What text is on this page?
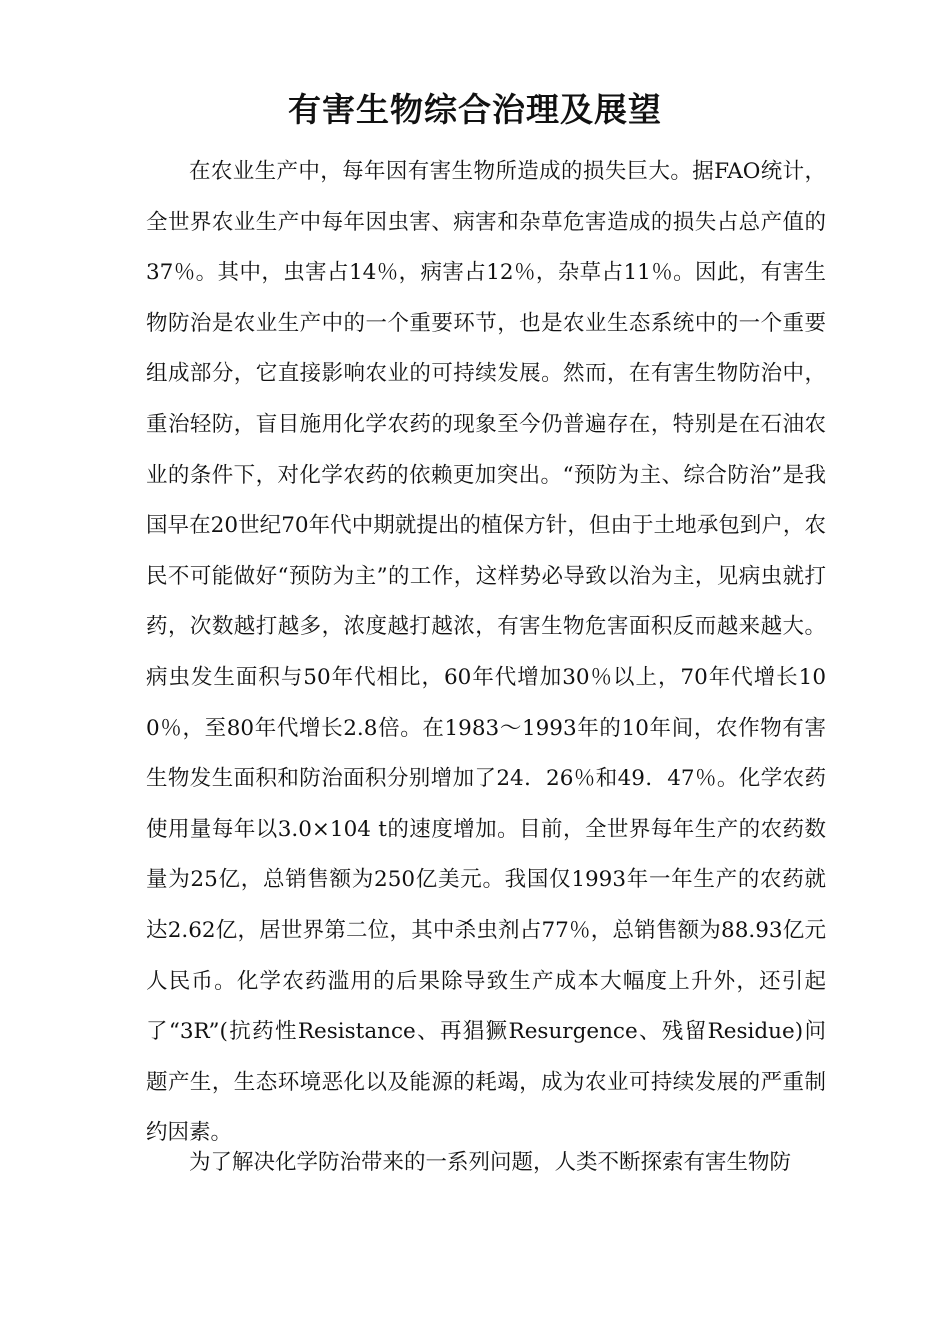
有害生物综合治理及展望

在农业生产中，每年因有害生物所造成的损失巨大。据FAO统计，全世界农业生产中每年因虫害、病害和杂草危害造成的损失占总产值的37％。其中，虫害占14％，病害占12％，杂草占11％。因此，有害生物防治是农业生产中的一个重要环节，也是农业生态系统中的一个重要组成部分，它直接影响农业的可持续发展。然而，在有害生物防治中，重治轻防，盲目施用化学农药的现象至今仍普遍存在，特别是在石油农业的条件下，对化学农药的依赖更加突出。“预防为主、综合防治”是我国早在20世纪70年代中期就提出的植保方针，但由于土地承包到户，农民不可能做好“预防为主”的工作，这样势必导致以治为主，见病虫就打药，次数越打越多，浓度越打越浓，有害生物危害面积反而越来越大。病虫发生面积与50年代相比，60年代增加30％以上，70年代增长100％，至80年代增长2.8倍。在1983～1993年的10年间，农作物有害生物发生面积和防治面积分别增加了24．26％和49．47％。化学农药使用量每年以3.0×104 t的速度增加。目前，全世界每年生产的农药数量为25亿，总销售额为250亿美元。我国仅1993年一年生产的农药就达2.62亿，居世界第二位，其中杀虫剂占77％，总销售额为88.93亿元人民币。化学农药滥用的后果除导致生产成本大幅度上升外，还引起了“3R”(抗药性Resistance、再猖獗Resurgence、残留Residue)问题产生，生态环境恶化以及能源的耗竭，成为农业可持续发展的严重制约因素。

为了解决化学防治带来的一系列问题，人类不断探索有害生物防
